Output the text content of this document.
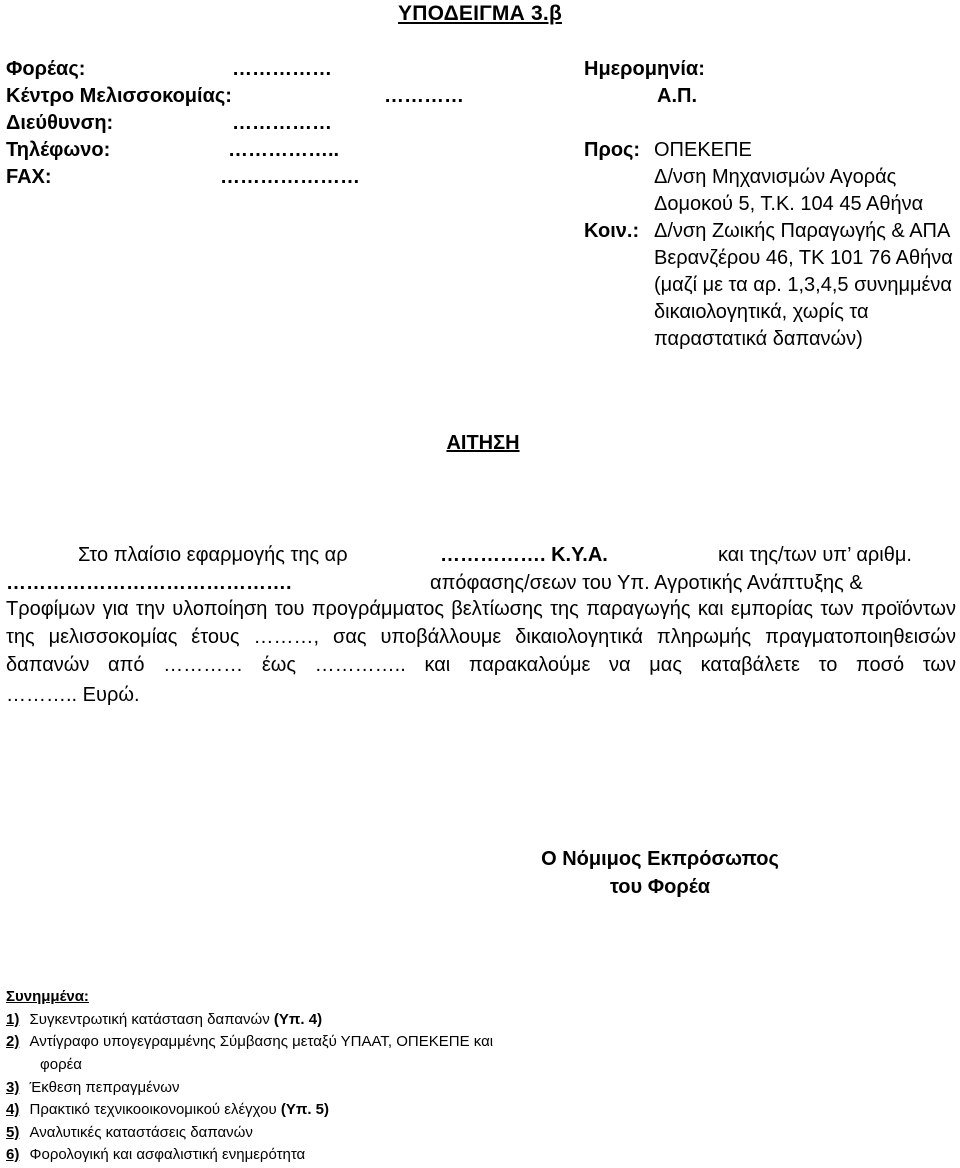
ΥΠΟΔΕΙΓΜΑ 3.β
Φορέας:	……………
Κέντρο Μελισσοκομίας:	…………
Διεύθυνση:	……………
Τηλέφωνο:	……………..
FAX:	…………………
Ημερομηνία:
Α.Π.
Προς: ΟΠΕΚΕΠΕ
Δ/νση Μηχανισμών Αγοράς
Δομοκού 5, Τ.Κ. 104 45 Αθήνα
Κοιν.: Δ/νση Ζωικής Παραγωγής & ΑΠΑ
Βερανζέρου 46, ΤΚ 101 76 Αθήνα
(μαζί με τα αρ. 1,3,4,5 συνημμένα
δικαιολογητικά, χωρίς τα
παραστατικά δαπανών)
ΑΙΤΗΣΗ
Στο πλαίσιο εφαρμογής της αρ	……………. Κ.Υ.Α.	και της/των υπ’ αριθμ.
…………………………………….	απόφασης/σεων του Υπ. Αγροτικής Ανάπτυξης &
Τροφίμων για την υλοποίηση του προγράμματος βελτίωσης της παραγωγής και εμπορίας των προϊόντων
της μελισσοκομίας έτους ………, σας υποβάλλουμε δικαιολογητικά πληρωμής πραγματοποιηθεισών
δαπανών από ………… έως ………….. και παρακαλούμε να μας καταβάλετε το ποσό των
……….. Ευρώ.
Ο Νόμιμος Εκπρόσωπος
του Φορέα
Συνημμένα:
1) Συγκεντρωτική κατάσταση δαπανών (Υπ. 4)
2) Αντίγραφο υπογεγραμμένης Σύμβασης μεταξύ ΥΠΑΑΤ, ΟΠΕΚΕΠΕ και
φορέα
3) Έκθεση πεπραγμένων
4) Πρακτικό τεχνικοοικονομικού ελέγχου (Υπ. 5)
5) Αναλυτικές καταστάσεις δαπανών
6) Φορολογική και ασφαλιστική ενημερότητα
